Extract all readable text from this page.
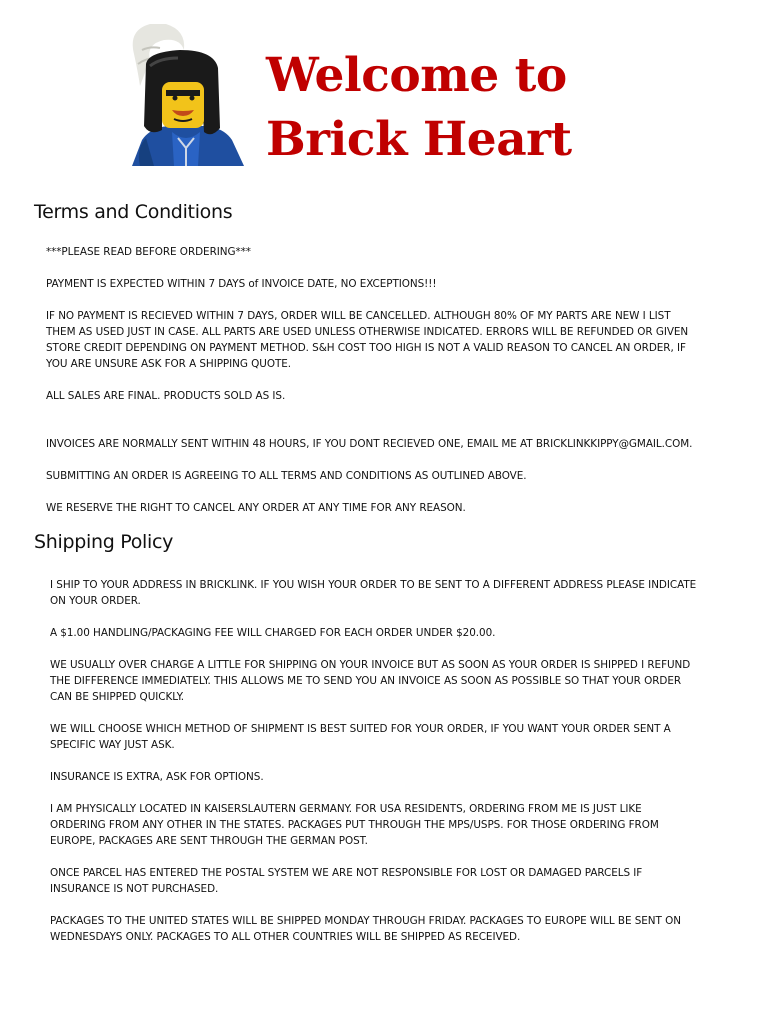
Welcome to
Brick Heart
Terms and Conditions

***PLEASE READ BEFORE ORDERING***

PAYMENT IS EXPECTED WITHIN 7 DAYS of INVOICE DATE, NO EXCEPTIONS!!!

IF NO PAYMENT IS RECIEVED WITHIN 7 DAYS, ORDER WILL BE CANCELLED. ALTHOUGH 80% OF MY PARTS ARE NEW I LIST
THEM AS USED JUST IN CASE. ALL PARTS ARE USED UNLESS OTHERWISE INDICATED. ERRORS WILL BE REFUNDED OR GIVEN
STORE CREDIT DEPENDING ON PAYMENT METHOD. S&H COST TOO HIGH IS NOT A VALID REASON TO CANCEL AN ORDER, IF
YOU ARE UNSURE ASK FOR A SHIPPING QUOTE.

ALL SALES ARE FINAL. PRODUCTS SOLD AS IS.

INVOICES ARE NORMALLY SENT WITHIN 48 HOURS, IF YOU DONT RECIEVED ONE, EMAIL ME AT BRICKLINKKIPPY@GMAIL.COM.

SUBMITTING AN ORDER IS AGREEING TO ALL TERMS AND CONDITIONS AS OUTLINED ABOVE.

WE RESERVE THE RIGHT TO CANCEL ANY ORDER AT ANY TIME FOR ANY REASON.

Shipping Policy

I SHIP TO YOUR ADDRESS IN BRICKLINK. IF YOU WISH YOUR ORDER TO BE SENT TO A DIFFERENT ADDRESS PLEASE INDICATE
ON YOUR ORDER.

A $1.00 HANDLING/PACKAGING FEE WILL CHARGED FOR EACH ORDER UNDER $20.00.

WE USUALLY OVER CHARGE A LITTLE FOR SHIPPING ON YOUR INVOICE BUT AS SOON AS YOUR ORDER IS SHIPPED I REFUND
THE DIFFERENCE IMMEDIATELY. THIS ALLOWS ME TO SEND YOU AN INVOICE AS SOON AS POSSIBLE SO THAT YOUR ORDER
CAN BE SHIPPED QUICKLY.

WE WILL CHOOSE WHICH METHOD OF SHIPMENT IS BEST SUITED FOR YOUR ORDER, IF YOU WANT YOUR ORDER SENT A
SPECIFIC WAY JUST ASK.

INSURANCE IS EXTRA, ASK FOR OPTIONS.

I AM PHYSICALLY LOCATED IN KAISERSLAUTERN GERMANY. FOR USA RESIDENTS, ORDERING FROM ME IS JUST LIKE
ORDERING FROM ANY OTHER IN THE STATES. PACKAGES PUT THROUGH THE MPS/USPS. FOR THOSE ORDERING FROM
EUROPE, PACKAGES ARE SENT THROUGH THE GERMAN POST.

ONCE PARCEL HAS ENTERED THE POSTAL SYSTEM WE ARE NOT RESPONSIBLE FOR LOST OR DAMAGED PARCELS IF
INSURANCE IS NOT PURCHASED.

PACKAGES TO THE UNITED STATES WILL BE SHIPPED MONDAY THROUGH FRIDAY. PACKAGES TO EUROPE WILL BE SENT ON
WEDNESDAYS ONLY. PACKAGES TO ALL OTHER COUNTRIES WILL BE SHIPPED AS RECEIVED.
